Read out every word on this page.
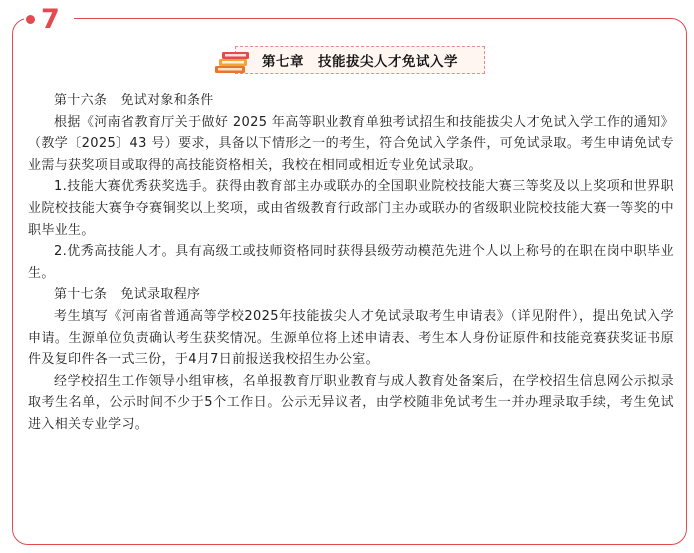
7
第七章　技能拔尖人才免试入学

第十六条　免试对象和条件

根据《河南省教育厅关于做好 2025 年高等职业教育单独考试招生和技能拔尖人才免试入学工作的通知》（教学〔2025〕43 号）要求，具备以下情形之一的考生，符合免试入学条件，可免试录取。考生申请免试专业需与获奖项目或取得的高技能资格相关，我校在相同或相近专业免试录取。

1.技能大赛优秀获奖选手。获得由教育部主办或联办的全国职业院校技能大赛三等奖及以上奖项和世界职业院校技能大赛争夺赛铜奖以上奖项，或由省级教育行政部门主办或联办的省级职业院校技能大赛一等奖的中职毕业生。

2.优秀高技能人才。具有高级工或技师资格同时获得县级劳动模范先进个人以上称号的在职在岗中职毕业生。

第十七条　免试录取程序

考生填写《河南省普通高等学校2025年技能拔尖人才免试录取考生申请表》（详见附件），提出免试入学申请。生源单位负责确认考生获奖情况。生源单位将上述申请表、考生本人身份证原件和技能竞赛获奖证书原件及复印件各一式三份，于4月7日前报送我校招生办公室。

经学校招生工作领导小组审核，名单报教育厅职业教育与成人教育处备案后，在学校招生信息网公示拟录取考生名单，公示时间不少于5个工作日。公示无异议者，由学校随非免试考生一并办理录取手续，考生免试进入相关专业学习。
